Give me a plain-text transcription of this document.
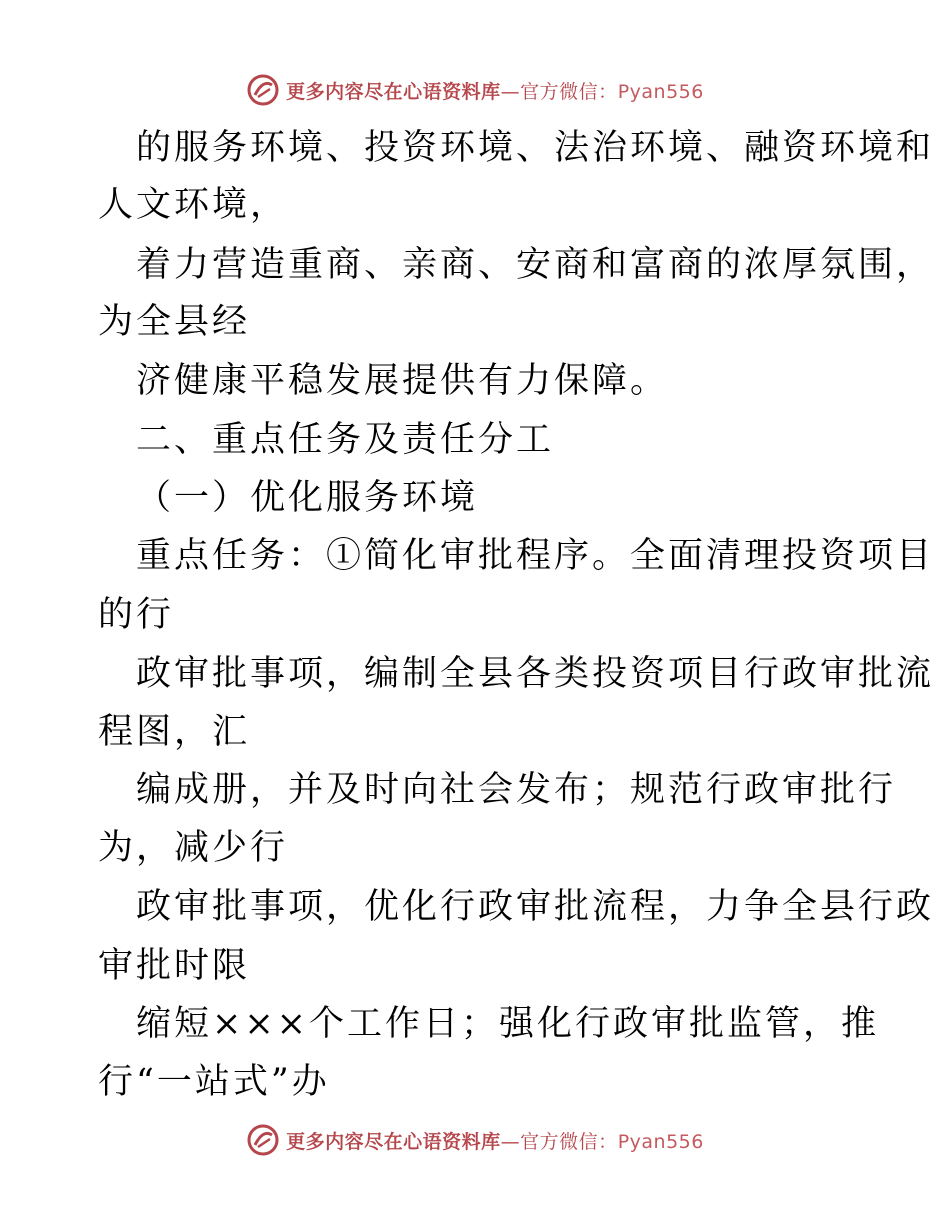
更多内容尽在心语资料库—官方微信：Pyan556
的服务环境、投资环境、法治环境、融资环境和
人文环境，
着力营造重商、亲商、安商和富商的浓厚氛围，
为全县经
济健康平稳发展提供有力保障。
二、重点任务及责任分工
（一）优化服务环境
重点任务：①简化审批程序。全面清理投资项目
的行
政审批事项，编制全县各类投资项目行政审批流
程图，汇
编成册，并及时向社会发布；规范行政审批行
为，减少行
政审批事项，优化行政审批流程，力争全县行政
审批时限
缩短×××个工作日；强化行政审批监管，推
行“一站式”办
更多内容尽在心语资料库—官方微信：Pyan556
